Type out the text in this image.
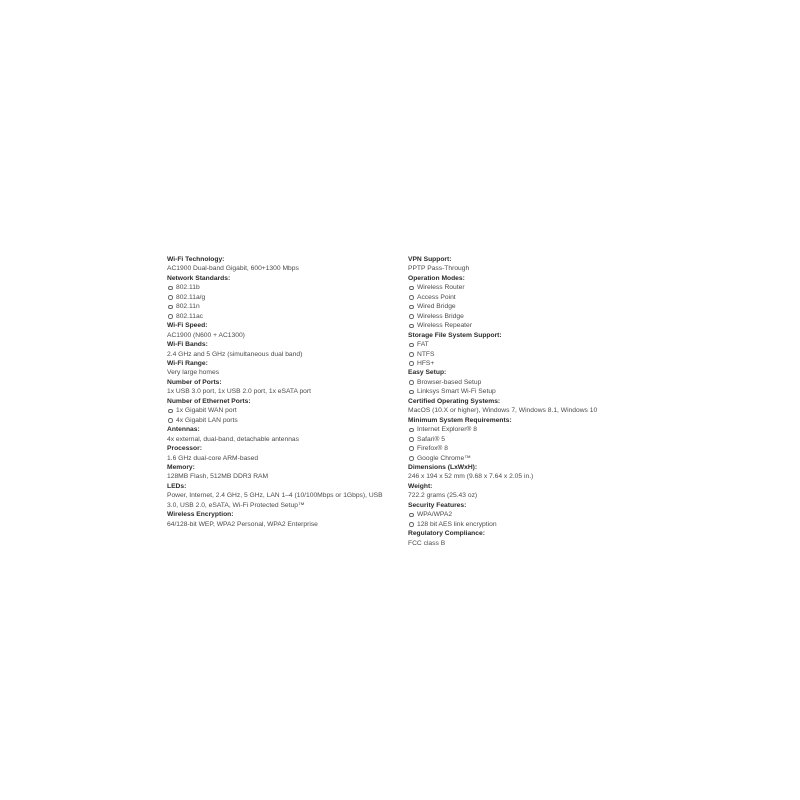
Wi-Fi Technology:
AC1900 Dual-band Gigabit, 600+1300 Mbps
Network Standards:
802.11b
802.11a/g
802.11n
802.11ac
Wi-Fi Speed:
AC1900 (N600 + AC1300)
Wi-Fi Bands:
2.4 GHz and 5 GHz (simultaneous dual band)
Wi-Fi Range:
Very large homes
Number of Ports:
1x USB 3.0 port, 1x USB 2.0 port, 1x eSATA port
Number of Ethernet Ports:
1x Gigabit WAN port
4x Gigabit LAN ports
Antennas:
4x external, dual-band, detachable antennas
Processor:
1.6 GHz dual-core ARM-based
Memory:
128MB Flash, 512MB DDR3 RAM
LEDs:
Power, Internet, 2.4 GHz, 5 GHz, LAN 1–4 (10/100Mbps or 1Gbps), USB 3.0, USB 2.0, eSATA, Wi-Fi Protected Setup™
Wireless Encryption:
64/128-bit WEP, WPA2 Personal, WPA2 Enterprise
VPN Support:
PPTP Pass-Through
Operation Modes:
Wireless Router
Access Point
Wired Bridge
Wireless Bridge
Wireless Repeater
Storage File System Support:
FAT
NTFS
HFS+
Easy Setup:
Browser-based Setup
Linksys Smart Wi-Fi Setup
Certified Operating Systems:
MacOS (10.X or higher), Windows 7, Windows 8.1, Windows 10
Minimum System Requirements:
Internet Explorer® 8
Safari® 5
Firefox® 8
Google Chrome™
Dimensions (LxWxH):
246 x 194 x 52 mm (9.68 x 7.64 x 2.05 in.)
Weight:
722.2 grams (25.43 oz)
Security Features:
WPA/WPA2
128 bit AES link encryption
Regulatory Compliance:
FCC class B
